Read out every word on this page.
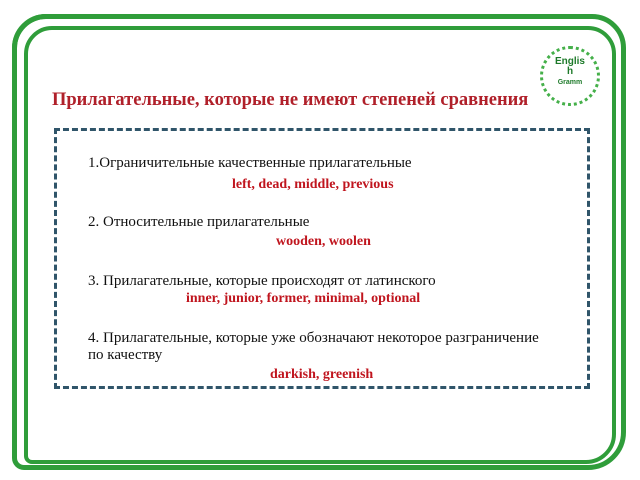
English
Gramm
Прилагательные, которые не имеют степеней сравнения
1.Ограничительные качественные прилагательные
left, dead, middle, previous
2. Относительные прилагательные
wooden, woolen
3. Прилагательные, которые происходят от латинского
inner, junior, former, minimal, optional
4. Прилагательные, которые уже обозначают некоторое разграничение по качеству
darkish, greenish
